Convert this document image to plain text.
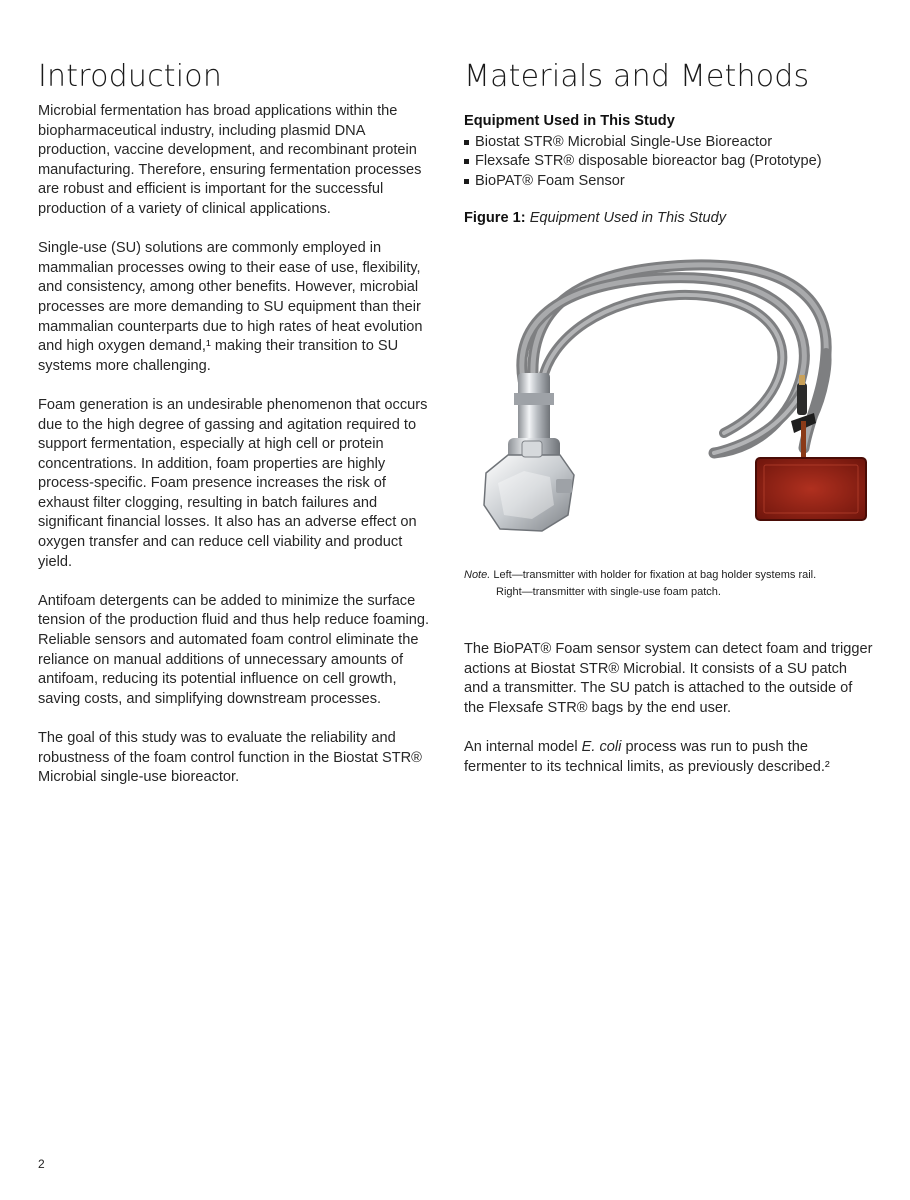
Introduction

Microbial fermentation has broad applications within the biopharmaceutical industry, including plasmid DNA production, vaccine development, and recombinant protein manufacturing. Therefore, ensuring fermentation processes are robust and efficient is important for the successful production of a variety of clinical applications.

Single-use (SU) solutions are commonly employed in mammalian processes owing to their ease of use, flexibility, and consistency, among other benefits. However, microbial processes are more demanding to SU equipment than their mammalian counterparts due to high rates of heat evolution and high oxygen demand,¹ making their transition to SU systems more challenging.

Foam generation is an undesirable phenomenon that occurs due to the high degree of gassing and agitation required to support fermentation, especially at high cell or protein concentrations. In addition, foam properties are highly process-specific. Foam presence increases the risk of exhaust filter clogging, resulting in batch failures and significant financial losses. It also has an adverse effect on oxygen transfer and can reduce cell viability and product yield.

Antifoam detergents can be added to minimize the surface tension of the production fluid and thus help reduce foaming. Reliable sensors and automated foam control eliminate the reliance on manual additions of unnecessary amounts of antifoam, reducing its potential influence on cell growth, saving costs, and simplifying downstream processes.

The goal of this study was to evaluate the reliability and robustness of the foam control function in the Biostat STR® Microbial single-use bioreactor.

Materials and Methods
Equipment Used in This Study
Biostat STR® Microbial Single-Use Bioreactor
Flexsafe STR® disposable bioreactor bag (Prototype)
BioPAT® Foam Sensor

Figure 1: Equipment Used in This Study

Note. Left—transmitter with holder for fixation at bag holder systems rail.
Right—transmitter with single-use foam patch.

The BioPAT® Foam sensor system can detect foam and trigger actions at Biostat STR® Microbial. It consists of a SU patch and a transmitter. The SU patch is attached to the outside of the Flexsafe STR® bags by the end user.

An internal model E. coli process was run to push the fermenter to its technical limits, as previously described.²

2
